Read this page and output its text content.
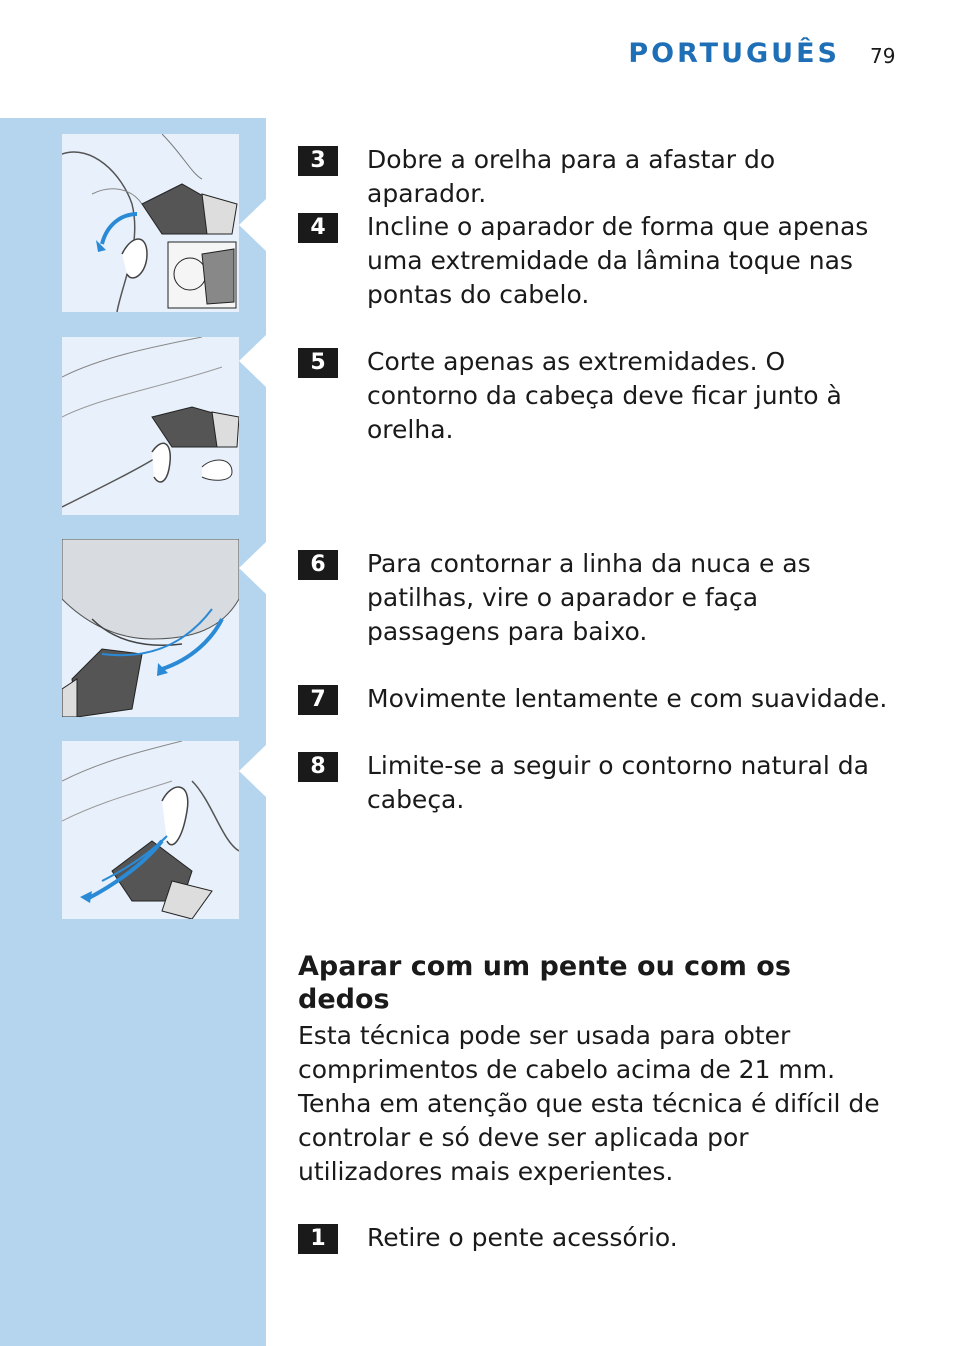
PORTUGUÊS 79
3	Dobre a orelha para a afastar do aparador.
4	Incline o aparador de forma que apenas uma extremidade da lâmina toque nas pontas do cabelo.
5	Corte apenas as extremidades. O contorno da cabeça deve ficar junto à orelha.
6	Para contornar a linha da nuca e as patilhas, vire o aparador e faça passagens para baixo.
7	Movimente lentamente e com suavidade.
8	Limite-se a seguir o contorno natural da cabeça.
Aparar com um pente ou com os dedos
Esta técnica pode ser usada para obter comprimentos de cabelo acima de 21 mm. Tenha em atenção que esta técnica é difícil de controlar e só deve ser aplicada por utilizadores mais experientes.
1	Retire o pente acessório.
